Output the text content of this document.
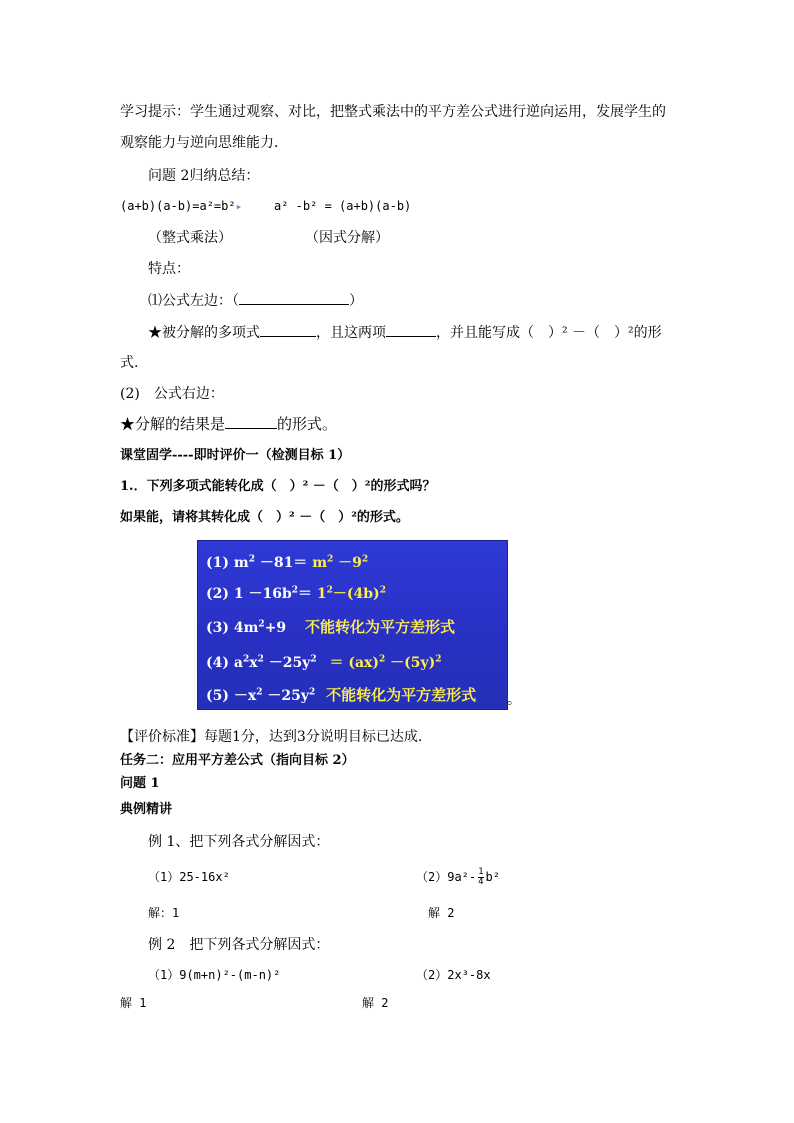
学习提示：学生通过观察、对比，把整式乘法中的平方差公式进行逆向运用，发展学生的
观察能力与逆向思维能力．
问题 2归纳总结：
(a+b)(a-b)=a²=b²▸	a² -b² = (a+b)(a-b)
（整式乘法）	（因式分解）
特点：
⑴公式左边：（	）
★被分解的多项式	，且这两项	，并且能写成（　）² －（　）²的形
式.
(2)　公式右边：
★分解的结果是	的形式。
课堂固学----即时评价一（检测目标 1）
1.．下列多项式能转化成（　）² －（　）²的形式吗？
如果能，请将其转化成（　）² －（　）²的形式。
(1) $m^2 -81= m^2 -9^2$
(2) $1 -16b^2= 1^2-(4b)^2$
(3) $4m^2+9$ 不能转化为平方差形式
(4) $a^2x^2 -25y^2 = (ax)^2 -(5y)^2$
$(5) -x^2 -25y^2$ 不能转化为平方差形式 。
【评价标准】每题1分，达到3分说明目标已达成.
任务二：应用平方差公式（指向目标 2）
问题 1
典例精讲
例 1、把下列各式分解因式：
（1）25-16x²	$(2)9a^2- \frac{1}{4} b^2$
解：1	解 2
例 2　把下列各式分解因式：
（1）9(m+n)²-(m-n)²	（2）2x³-8x
解 1	解 2
